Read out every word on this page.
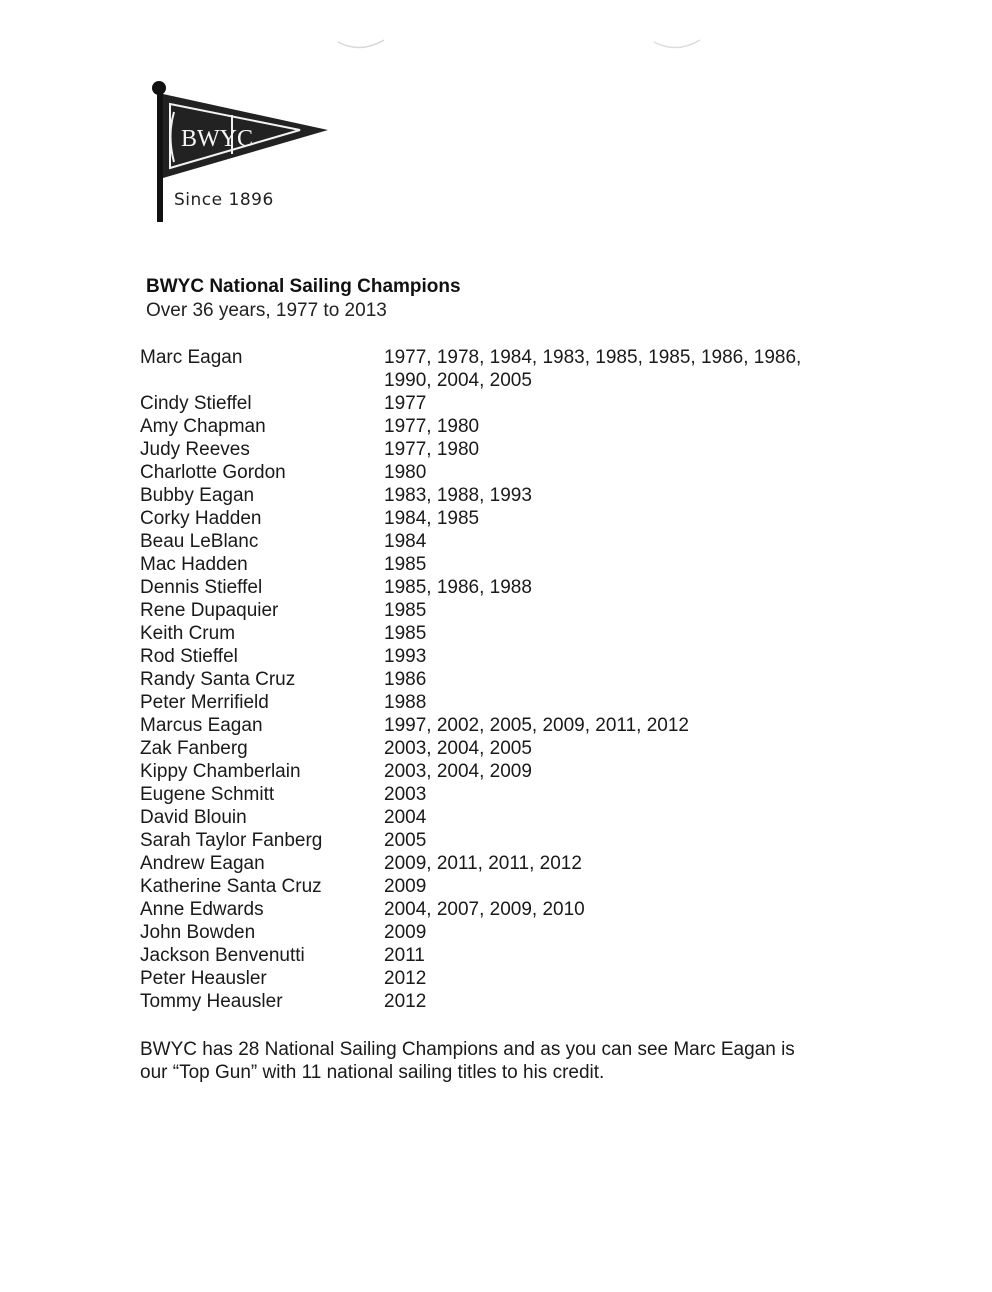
BWYC
Since 1896
BWYC National Sailing Champions
Over 36 years, 1977 to 2013
Marc Eagan	1977, 1978, 1984, 1983, 1985, 1985, 1986, 1986,
1990, 2004, 2005
Cindy Stieffel	1977
Amy Chapman	1977, 1980
Judy Reeves	1977, 1980
Charlotte Gordon	1980
Bubby Eagan	1983, 1988, 1993
Corky Hadden	1984, 1985
Beau LeBlanc	1984
Mac Hadden	1985
Dennis Stieffel	1985, 1986, 1988
Rene Dupaquier	1985
Keith Crum	1985
Rod Stieffel	1993
Randy Santa Cruz	1986
Peter Merrifield	1988
Marcus Eagan	1997, 2002, 2005, 2009, 2011, 2012
Zak Fanberg	2003, 2004, 2005
Kippy Chamberlain	2003, 2004, 2009
Eugene Schmitt	2003
David Blouin	2004
Sarah Taylor Fanberg	2005
Andrew Eagan	2009, 2011, 2011, 2012
Katherine Santa Cruz	2009
Anne Edwards	2004, 2007, 2009, 2010
John Bowden	2009
Jackson Benvenutti	2011
Peter Heausler	2012
Tommy Heausler	2012
BWYC has 28 National Sailing Champions and as you can see Marc Eagan is
our “Top Gun” with 11 national sailing titles to his credit.
